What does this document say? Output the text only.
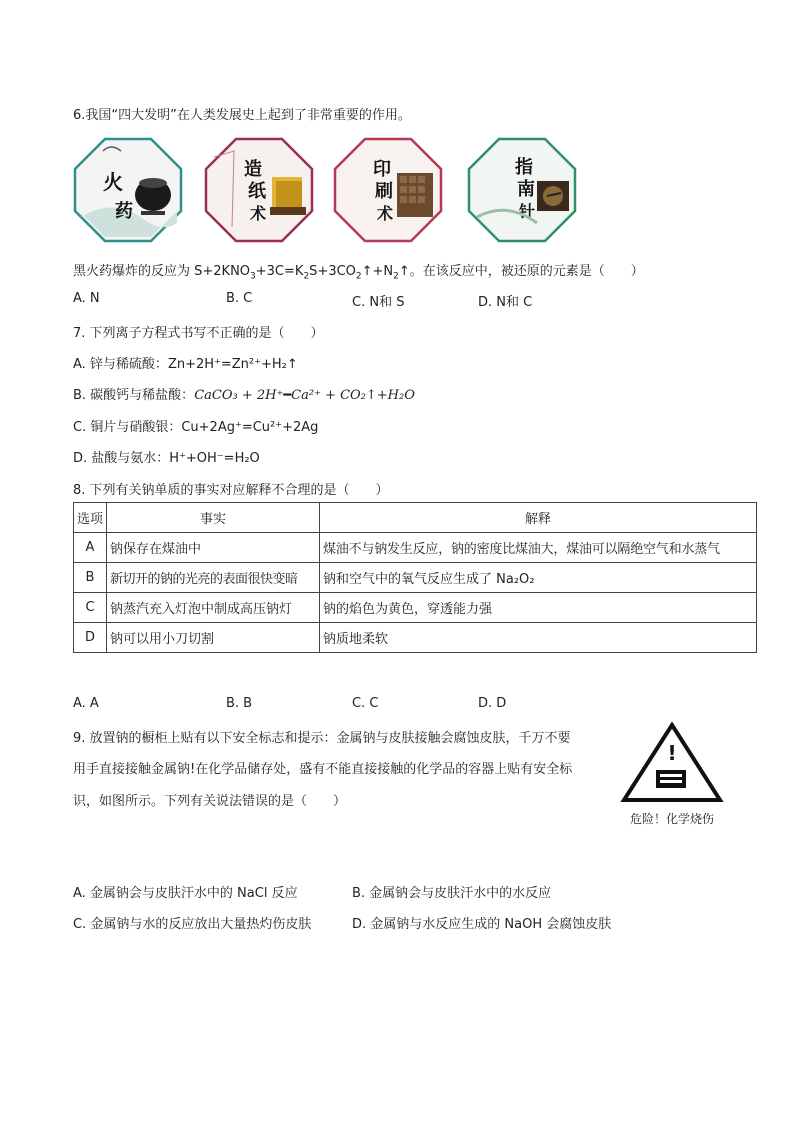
6.我国“四大发明”在人类发展史上起到了非常重要的作用。
火
药
造
纸
术
印
刷
术
指
南
针
黑火药爆炸的反应为 $S+2KNO_3+3C=K_2S+3CO_2↑+N_2↑$。在该反应中，被还原的元素是（　　）
A. N	B. C	C. N和 S	D. N和 C
7. 下列离子方程式书写不正确的是（　　）
A. 锌与稀硫酸：Zn+2H⁺=Zn²⁺+H₂↑
B. 碳酸钙与稀盐酸：CaCO₃ + 2H⁺━Ca²⁺ + CO₂↑+H₂O
C. 铜片与硝酸银：Cu+2Ag⁺=Cu²⁺+2Ag
D. 盐酸与氨水：H⁺+OH⁻=H₂O
8. 下列有关钠单质的事实对应解释不合理的是（　　）
选项	事实	解释
A	钠保存在煤油中	煤油不与钠发生反应，钠的密度比煤油大，煤油可以隔绝空气和水蒸气
B	新切开的钠的光亮的表面很快变暗	钠和空气中的氧气反应生成了 Na₂O₂
C	钠蒸汽充入灯泡中制成高压钠灯	钠的焰色为黄色，穿透能力强
D	钠可以用小刀切割	钠质地柔软
A. A	B. B	C. C	D. D
9. 放置钠的橱柜上贴有以下安全标志和提示：金属钠与皮肤接触会腐蚀皮肤，千万不要
用手直接接触金属钠!在化学品储存处，盛有不能直接接触的化学品的容器上贴有安全标
识，如图所示。下列有关说法错误的是（　　）
!
危险！化学烧伤
A. 金属钠会与皮肤汗水中的 NaCl 反应	B. 金属钠会与皮肤汗水中的水反应
C. 金属钠与水的反应放出大量热灼伤皮肤	D. 金属钠与水反应生成的 NaOH 会腐蚀皮肤
